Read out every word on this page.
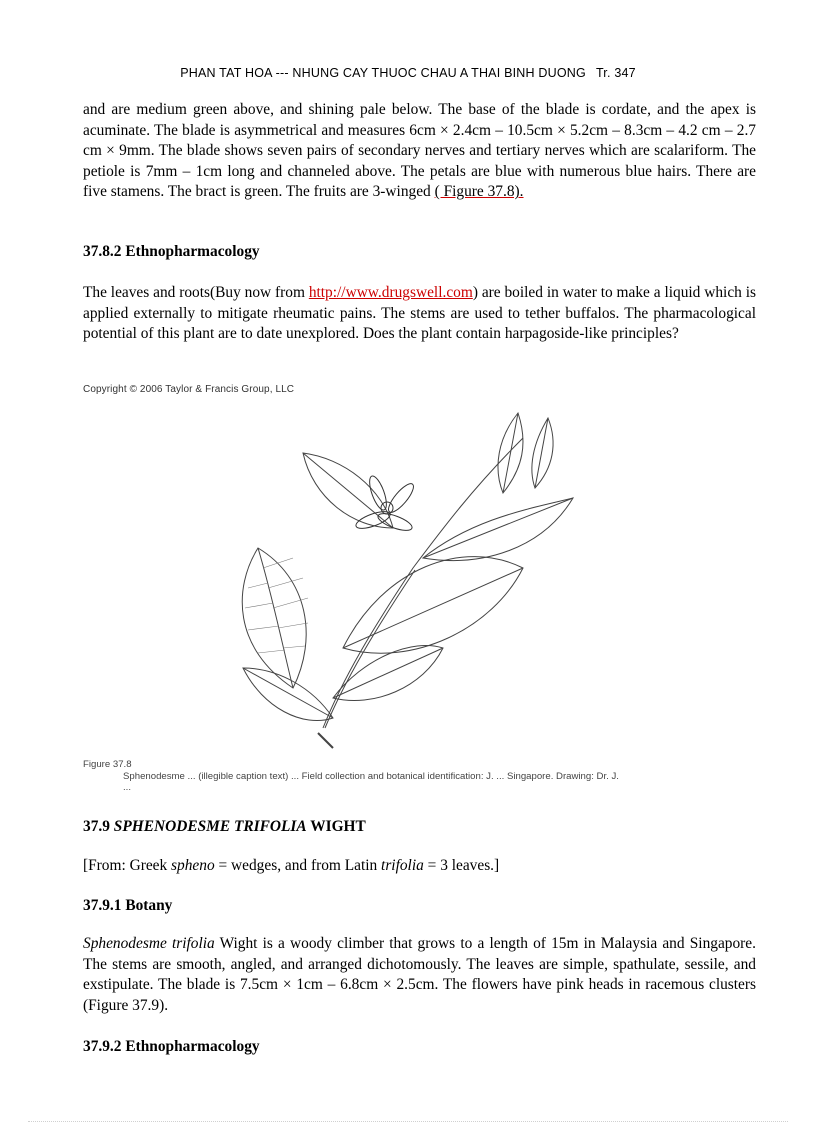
PHAN TAT HOA --- NHUNG CAY THUOC CHAU A THAI BINH DUONG Tr. 347
and are medium green above, and shining pale below. The base of the blade is cordate, and the apex is acuminate. The blade is asymmetrical and measures 6cm × 2.4cm – 10.5cm × 5.2cm – 8.3cm – 4.2 cm – 2.7 cm × 9mm. The blade shows seven pairs of secondary nerves and tertiary nerves which are scalariform. The petiole is 7mm – 1cm long and channeled above. The petals are blue with numerous blue hairs. There are five stamens. The bract is green. The fruits are 3-winged ( Figure 37.8).
37.8.2 Ethnopharmacology
The leaves and roots(Buy now from http://www.drugswell.com) are boiled in water to make a liquid which is applied externally to mitigate rheumatic pains. The stems are used to tether buffalos. The pharmacological potential of this plant are to date unexplored. Does the plant contain harpagoside-like principles?
Copyright © 2006 Taylor & Francis Group, LLC
Figure 37.8
Sphenodesme ... (illegible caption text) ... Field collection and botanical identification: J. ... Singapore. Drawing: Dr. J. ...
37.9 SPHENODESME TRIFOLIA WIGHT
[From: Greek spheno = wedges, and from Latin trifolia = 3 leaves.]
37.9.1 Botany
Sphenodesme trifolia Wight is a woody climber that grows to a length of 15m in Malaysia and Singapore. The stems are smooth, angled, and arranged dichotomously. The leaves are simple, spathulate, sessile, and exstipulate. The blade is 7.5cm × 1cm – 6.8cm × 2.5cm. The flowers have pink heads in racemous clusters (Figure 37.9).
37.9.2 Ethnopharmacology
